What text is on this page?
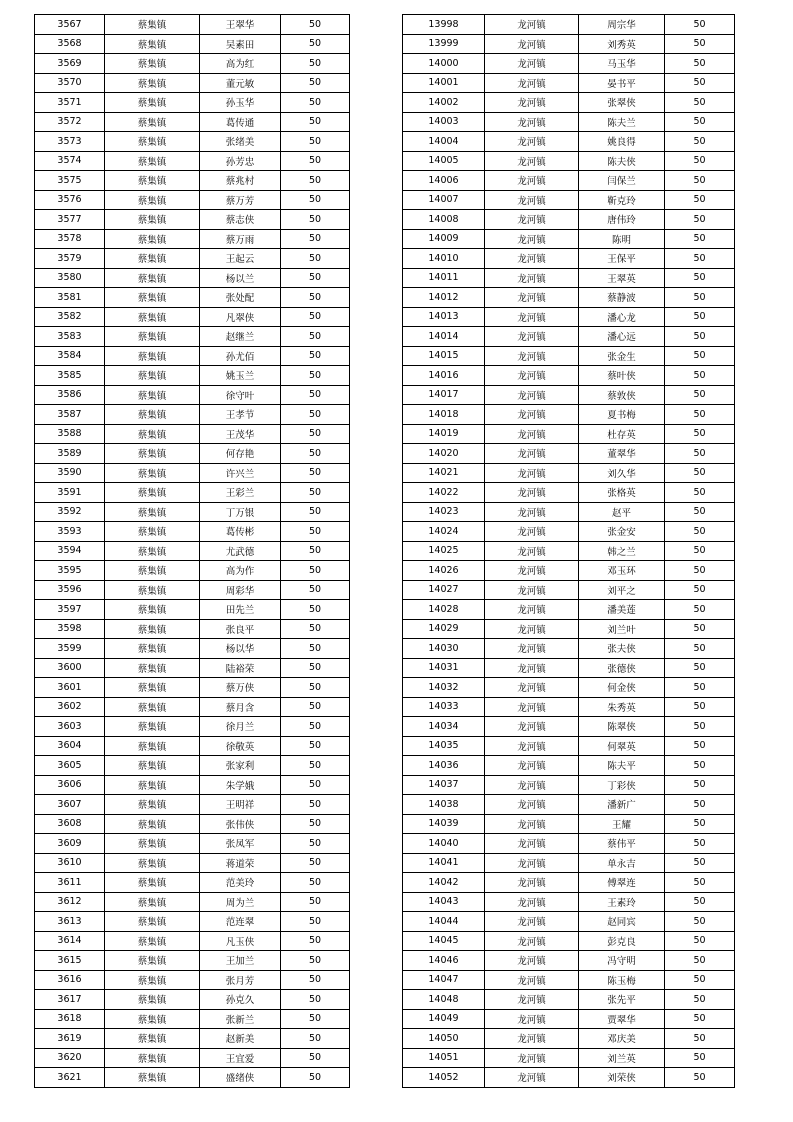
3567	蔡集镇	王翠华	50
3568	蔡集镇	吴素田	50
3569	蔡集镇	高为红	50
3570	蔡集镇	董元敏	50
3571	蔡集镇	孙玉华	50
3572	蔡集镇	葛传通	50
3573	蔡集镇	张绪美	50
3574	蔡集镇	孙芳忠	50
3575	蔡集镇	蔡兆村	50
3576	蔡集镇	蔡万芳	50
3577	蔡集镇	蔡志侠	50
3578	蔡集镇	蔡万雨	50
3579	蔡集镇	王起云	50
3580	蔡集镇	杨以兰	50
3581	蔡集镇	张处配	50
3582	蔡集镇	凡翠侠	50
3583	蔡集镇	赵继兰	50
3584	蔡集镇	孙尤佰	50
3585	蔡集镇	姚玉兰	50
3586	蔡集镇	徐守叶	50
3587	蔡集镇	王孝节	50
3588	蔡集镇	王茂华	50
3589	蔡集镇	何存艳	50
3590	蔡集镇	许兴兰	50
3591	蔡集镇	王彩兰	50
3592	蔡集镇	丁万银	50
3593	蔡集镇	葛传彬	50
3594	蔡集镇	尤武德	50
3595	蔡集镇	高为作	50
3596	蔡集镇	周彩华	50
3597	蔡集镇	田先兰	50
3598	蔡集镇	张良平	50
3599	蔡集镇	杨以华	50
3600	蔡集镇	陆裕荣	50
3601	蔡集镇	蔡万侠	50
3602	蔡集镇	蔡月含	50
3603	蔡集镇	徐月兰	50
3604	蔡集镇	徐敬英	50
3605	蔡集镇	张家利	50
3606	蔡集镇	朱学娥	50
3607	蔡集镇	王明祥	50
3608	蔡集镇	张伟侠	50
3609	蔡集镇	张凤军	50
3610	蔡集镇	蒋道荣	50
3611	蔡集镇	范美玲	50
3612	蔡集镇	周为兰	50
3613	蔡集镇	范连翠	50
3614	蔡集镇	凡玉侠	50
3615	蔡集镇	王加兰	50
3616	蔡集镇	张月芳	50
3617	蔡集镇	孙克久	50
3618	蔡集镇	张新兰	50
3619	蔡集镇	赵新美	50
3620	蔡集镇	王宜爱	50
3621	蔡集镇	盛绪侠	50
13998	龙河镇	周宗华	50
13999	龙河镇	刘秀英	50
14000	龙河镇	马玉华	50
14001	龙河镇	晏书平	50
14002	龙河镇	张翠侠	50
14003	龙河镇	陈夫兰	50
14004	龙河镇	姚良得	50
14005	龙河镇	陈夫侠	50
14006	龙河镇	闫保兰	50
14007	龙河镇	靳克玲	50
14008	龙河镇	唐伟玲	50
14009	龙河镇	陈明	50
14010	龙河镇	王保平	50
14011	龙河镇	王翠英	50
14012	龙河镇	蔡静波	50
14013	龙河镇	潘心龙	50
14014	龙河镇	潘心远	50
14015	龙河镇	张金生	50
14016	龙河镇	蔡叶侠	50
14017	龙河镇	蔡敦侠	50
14018	龙河镇	夏书梅	50
14019	龙河镇	杜存英	50
14020	龙河镇	董翠华	50
14021	龙河镇	刘久华	50
14022	龙河镇	张格英	50
14023	龙河镇	赵平	50
14024	龙河镇	张金安	50
14025	龙河镇	韩之兰	50
14026	龙河镇	邓玉环	50
14027	龙河镇	刘平之	50
14028	龙河镇	潘美莲	50
14029	龙河镇	刘兰叶	50
14030	龙河镇	张夫侠	50
14031	龙河镇	张德侠	50
14032	龙河镇	何金侠	50
14033	龙河镇	朱秀英	50
14034	龙河镇	陈翠侠	50
14035	龙河镇	何翠英	50
14036	龙河镇	陈夫平	50
14037	龙河镇	丁彩侠	50
14038	龙河镇	潘新广	50
14039	龙河镇	王耀	50
14040	龙河镇	蔡伟平	50
14041	龙河镇	单永吉	50
14042	龙河镇	傅翠连	50
14043	龙河镇	王素玲	50
14044	龙河镇	赵同宾	50
14045	龙河镇	彭克良	50
14046	龙河镇	冯守明	50
14047	龙河镇	陈玉梅	50
14048	龙河镇	张先平	50
14049	龙河镇	贾翠华	50
14050	龙河镇	邓庆美	50
14051	龙河镇	刘兰英	50
14052	龙河镇	刘荣侠	50
